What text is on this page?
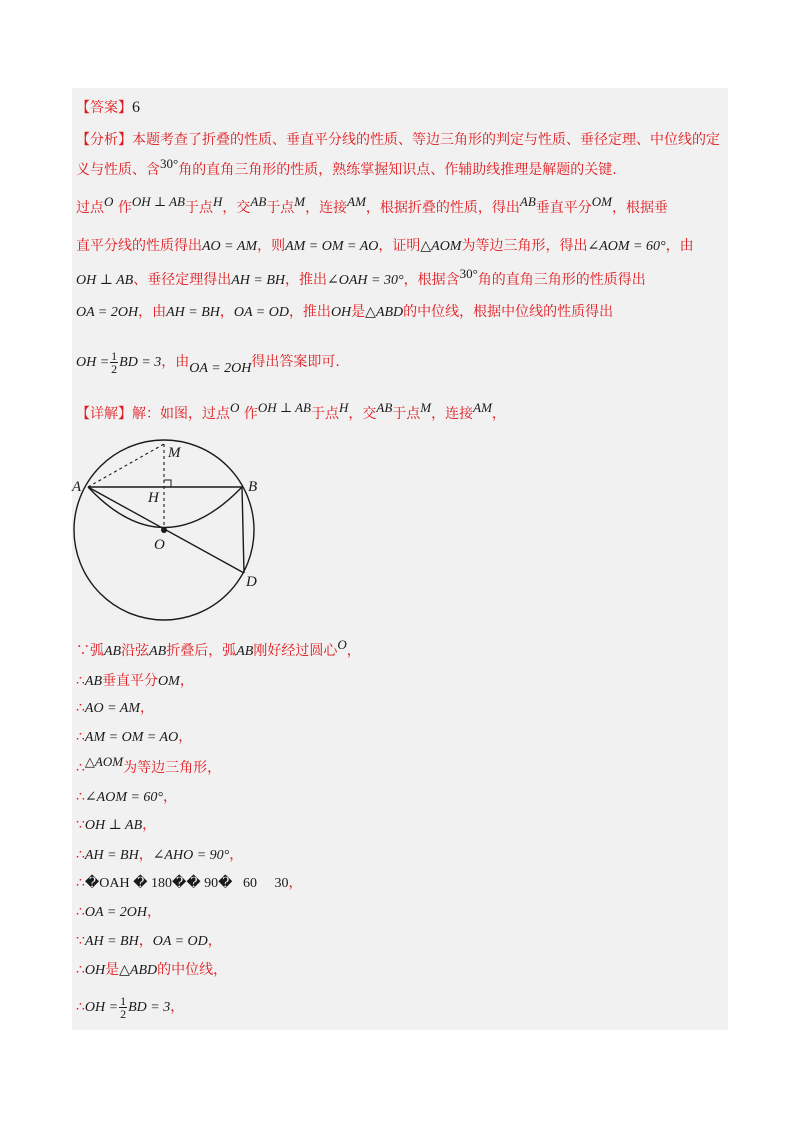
【答案】6
【分析】本题考查了折叠的性质、垂直平分线的性质、等边三角形的判定与性质、垂径定理、中位线的定
义与性质、含30°角的直角三角形的性质，熟练掌握知识点、作辅助线推理是解题的关键.
过点O 作OH ⊥ AB于点H，交AB于点M，连接AM，根据折叠的性质，得出AB垂直平分OM，根据垂
直平分线的性质得出AO = AM，则AM = OM = AO，证明△AOM为等边三角形，得出∠AOM = 60°，由
OH ⊥ AB、垂径定理得出AH = BH，推出∠OAH = 30°，根据含30°角的直角三角形的性质得出
OA = 2OH，由AH = BH，OA = OD，推出OH是△ABD的中位线，根据中位线的性质得出
OH = $\frac{1}{2}$ BD = 3，由OA = 2OH得出答案即可.
【详解】解：如图，过点O 作OH ⊥ AB于点H，交AB于点M，连接AM，
M
A	B
H
O
D
∵弧AB沿弦AB折叠后，弧AB刚好经过圆心O，
∴AB垂直平分OM，
∴AO = AM，
∴AM = OM = AO，
∴△AOM为等边三角形，
∴∠AOM = 60°，
∵OH ⊥ AB，
∴AH = BH，∠AHO = 90°，
∴�OAH � 180�� 90�   60     30，
∴OA = 2OH，
∵AH = BH，OA = OD，
∴OH是△ABD的中位线，
∴OH = $\frac{1}{2}$ BD = 3，
